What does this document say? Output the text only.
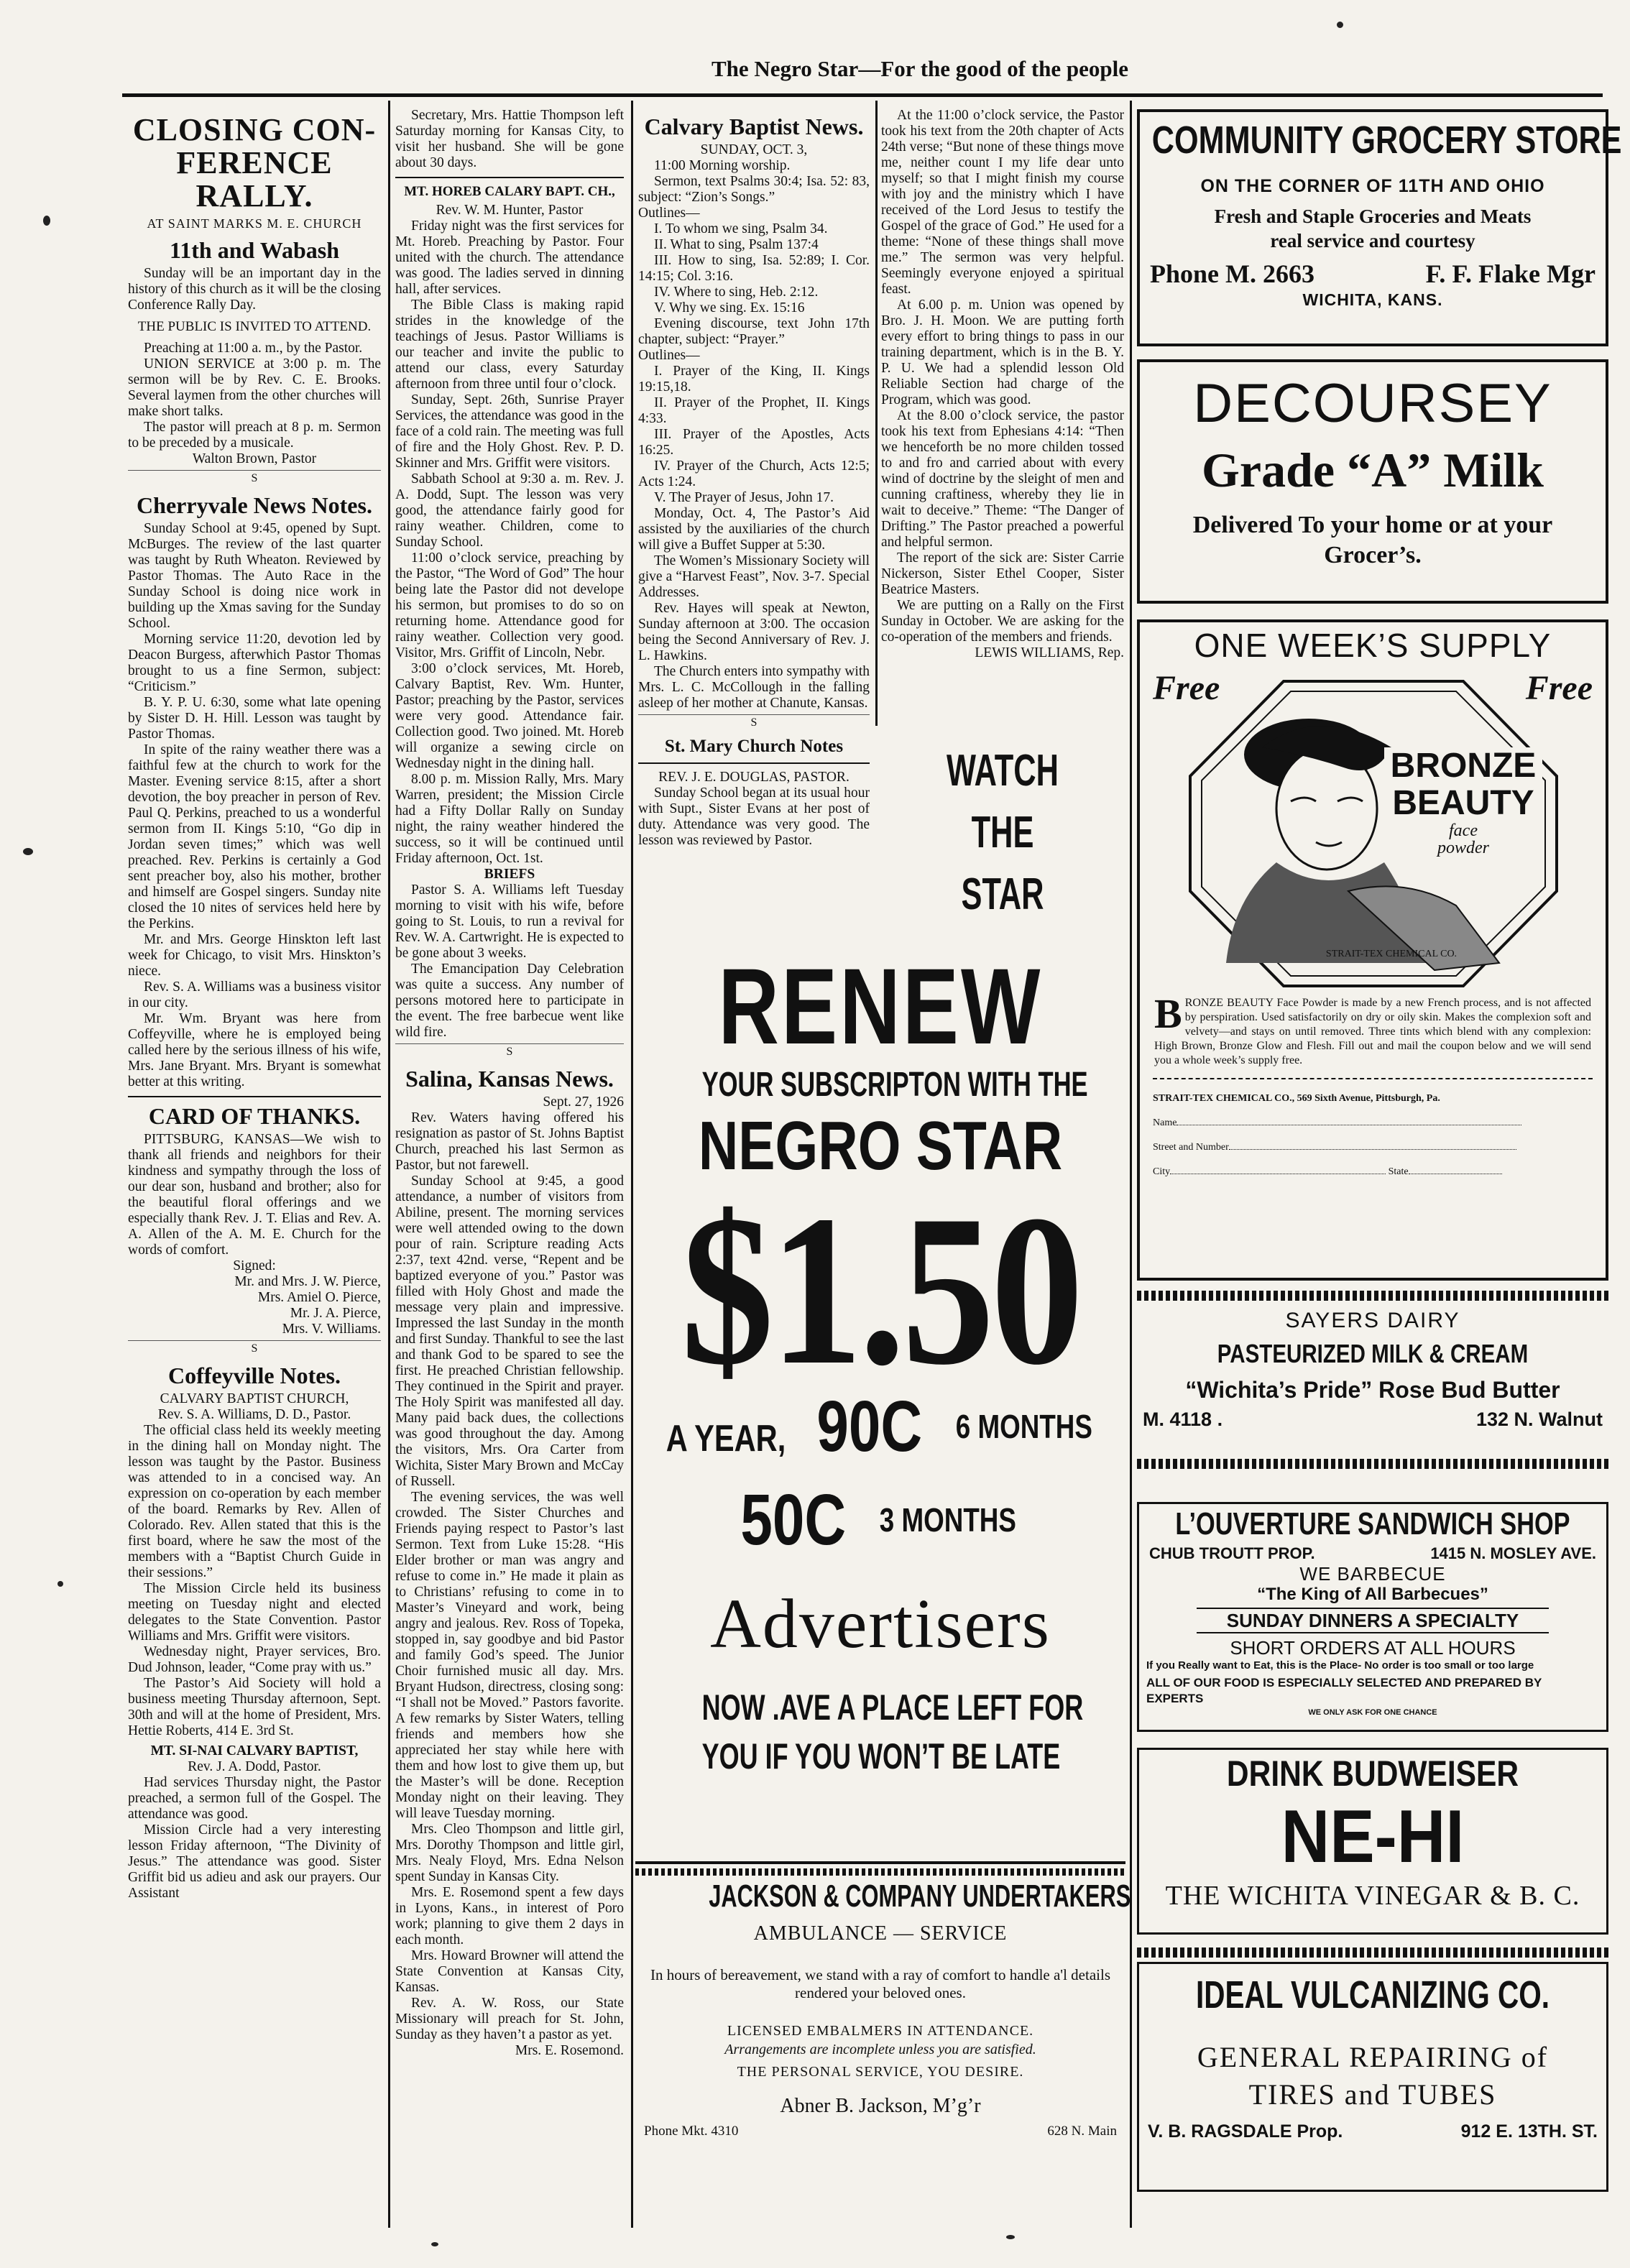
The Negro Star—For the good of the people
CLOSING CON-
FERENCE RALLY.
AT SAINT MARKS M. E. CHURCH
11th and Wabash

Sunday will be an important day in the history of this church as it will be the closing Conference Rally Day.

THE PUBLIC IS INVITED TO ATTEND.

Preaching at 11:00 a. m., by the Pastor.

UNION SERVICE at 3:00 p. m. The sermon will be by Rev. C. E. Brooks. Several laymen from the other churches will make short talks.

The pastor will preach at 8 p. m. Sermon to be preceded by a musicale.

Walton Brown, Pastor

S
Cherryvale News Notes.

Sunday School at 9:45, opened by Supt. McBurges. The review of the last quarter was taught by Ruth Wheaton. Reviewed by Pastor Thomas. The Auto Race in the Sunday School is doing nice work in building up the Xmas saving for the Sunday School.

Morning service 11:20, devotion led by Deacon Burgess, afterwhich Pastor Thomas brought to us a fine Sermon, subject: “Criticism.”

B. Y. P. U. 6:30, some what late opening by Sister D. H. Hill. Lesson was taught by Pastor Thomas.

In spite of the rainy weather there was a faithful few at the church to work for the Master. Evening service 8:15, after a short devotion, the boy preacher in person of Rev. Paul Q. Perkins, preached to us a wonderful sermon from II. Kings 5:10, “Go dip in Jordan seven times;” which was well preached. Rev. Perkins is certainly a God sent preacher boy, also his mother, brother and himself are Gospel singers. Sunday nite closed the 10 nites of services held here by the Perkins.

Mr. and Mrs. George Hinskton left last week for Chicago, to visit Mrs. Hinskton’s niece.

Rev. S. A. Williams was a business visitor in our city.

Mr. Wm. Bryant was here from Coffeyville, where he is employed being called here by the serious illness of his wife, Mrs. Jane Bryant. Mrs. Bryant is somewhat better at this writing.

CARD OF THANKS.

PITTSBURG, KANSAS—We wish to thank all friends and neighbors for their kindness and sympathy through the loss of our dear son, husband and brother; also for the beautiful floral offerings and we especially thank Rev. J. T. Elias and Rev. A. A. Allen of the A. M. E. Church for the words of comfort.

Signed:

Mr. and Mrs. J. W. Pierce,

Mrs. Amiel O. Pierce,

Mr. J. A. Pierce,

Mrs. V. Williams.

S
Coffeyville Notes.

CALVARY BAPTIST CHURCH,

Rev. S. A. Williams, D. D., Pastor.

The official class held its weekly meeting in the dining hall on Monday night. The lesson was taught by the Pastor. Business was attended to in a concised way. An expression on co-operation by each member of the board. Remarks by Rev. Allen of Colorado. Rev. Allen stated that this is the first board, where he saw the most of the members with a “Baptist Church Guide in their sessions.”

The Mission Circle held its business meeting on Tuesday night and elected delegates to the State Convention. Pastor Williams and Mrs. Griffit were visitors.

Wednesday night, Prayer services, Bro. Dud Johnson, leader, “Come pray with us.”

The Pastor’s Aid Society will hold a business meeting Thursday afternoon, Sept. 30th and will at the home of President, Mrs. Hettie Roberts, 414 E. 3rd St.

MT. SI-NAI CALVARY BAPTIST,

Rev. J. A. Dodd, Pastor.

Had services Thursday night, the Pastor preached, a sermon full of the Gospel. The attendance was good.

Mission Circle had a very interesting lesson Friday afternoon, “The Divinity of Jesus.” The attendance was good. Sister Griffit bid us adieu and ask our prayers. Our Assistant

Secretary, Mrs. Hattie Thompson left Saturday morning for Kansas City, to visit her husband. She will be gone about 30 days.

MT. HOREB CALARY BAPT. CH.,

Rev. W. M. Hunter, Pastor

Friday night was the first services for Mt. Horeb. Preaching by Pastor. Four united with the church. The attendance was good. The ladies served in dinning hall, after services.

The Bible Class is making rapid strides in the knowledge of the teachings of Jesus. Pastor Williams is our teacher and invite the public to attend our class, every Saturday afternoon from three until four o’clock.

Sunday, Sept. 26th, Sunrise Prayer Services, the attendance was good in the face of a cold rain. The meeting was full of fire and the Holy Ghost. Rev. P. D. Skinner and Mrs. Griffit were visitors.

Sabbath School at 9:30 a. m. Rev. J. A. Dodd, Supt. The lesson was very good, the attendance fairly good for rainy weather. Children, come to Sunday School.

11:00 o’clock service, preaching by the Pastor, “The Word of God” The hour being late the Pastor did not develope his sermon, but promises to do so on returning home. Attendance good for rainy weather. Collection very good. Visitor, Mrs. Griffit of Lincoln, Nebr.

3:00 o’clock services, Mt. Horeb, Calvary Baptist, Rev. Wm. Hunter, Pastor; preaching by the Pastor, services were very good. Attendance fair. Collection good. Two joined. Mt. Horeb will organize a sewing circle on Wednesday night in the dining hall.

8.00 p. m. Mission Rally, Mrs. Mary Warren, president; the Mission Circle had a Fifty Dollar Rally on Sunday night, the rainy weather hindered the success, so it will be continued until Friday afternoon, Oct. 1st.

BRIEFS

Pastor S. A. Williams left Tuesday morning to visit with his wife, before going to St. Louis, to run a revival for Rev. W. A. Cartwright. He is expected to be gone about 3 weeks.

The Emancipation Day Celebration was quite a success. Any number of persons motored here to participate in the event. The free barbecue went like wild fire.

S
Salina, Kansas News.

Sept. 27, 1926

Rev. Waters having offered his resignation as pastor of St. Johns Baptist Church, preached his last Sermon as Pastor, but not farewell.

Sunday School at 9:45, a good attendance, a number of visitors from Abiline, present. The morning services were well attended owing to the down pour of rain. Scripture reading Acts 2:37, text 42nd. verse, “Repent and be baptized everyone of you.” Pastor was filled with Holy Ghost and made the message very plain and impressive. Impressed the last Sunday in the month and first Sunday. Thankful to see the last and thank God to be spared to see the first. He preached Christian fellowship. They continued in the Spirit and prayer. The Holy Spirit was manifested all day. Many paid back dues, the collections was good throughout the day. Among the visitors, Mrs. Ora Carter from Wichita, Sister Mary Brown and McCay of Russell.

The evening services, the was well crowded. The Sister Churches and Friends paying respect to Pastor’s last Sermon. Text from Luke 15:28. “His Elder brother or man was angry and refuse to come in.” He made it plain as to Christians’ refusing to come in to Master’s Vineyard and work, being angry and jealous. Rev. Ross of Topeka, stopped in, say goodbye and bid Pastor and family God’s speed. The Junior Choir furnished music all day. Mrs. Bryant Hudson, directress, closing song: “I shall not be Moved.” Pastors favorite. A few remarks by Sister Waters, telling friends and members how she appreciated her stay while here with them and how lost to give them up, but the Master’s will be done. Reception Monday night on their leaving. They will leave Tuesday morning.

Mrs. Cleo Thompson and little girl, Mrs. Dorothy Thompson and little girl, Mrs. Nealy Floyd, Mrs. Edna Nelson spent Sunday in Kansas City.

Mrs. E. Rosemond spent a few days in Lyons, Kans., in interest of Poro work; planning to give them 2 days in each month.

Mrs. Howard Browner will attend the State Convention at Kansas City, Kansas.

Rev. A. W. Ross, our State Missionary will preach for St. John, Sunday as they haven’t a pastor as yet.

Mrs. E. Rosemond.

Calvary Baptist News.

SUNDAY, OCT. 3,

11:00 Morning worship.

Sermon, text Psalms 30:4; Isa. 52: 83, subject: “Zion’s Songs.”

Outlines—

I. To whom we sing, Psalm 34.

II. What to sing, Psalm 137:4

III. How to sing, Isa. 52:89; I. Cor. 14:15; Col. 3:16.

IV. Where to sing, Heb. 2:12.

V. Why we sing. Ex. 15:16

Evening discourse, text John 17th chapter, subject: “Prayer.”

Outlines—

I. Prayer of the King, II. Kings 19:15,18.

II. Prayer of the Prophet, II. Kings 4:33.

III. Prayer of the Apostles, Acts 16:25.

IV. Prayer of the Church, Acts 12:5; Acts 1:24.

V. The Prayer of Jesus, John 17.

Monday, Oct. 4, The Pastor’s Aid assisted by the auxiliaries of the church will give a Buffet Supper at 5:30.

The Women’s Missionary Society will give a “Harvest Feast”, Nov. 3-7. Special Addresses.

Rev. Hayes will speak at Newton, Sunday afternoon at 3:00. The occasion being the Second Anniversary of Rev. J. L. Hawkins.

The Church enters into sympathy with Mrs. L. C. McCollough in the falling asleep of her mother at Chanute, Kansas.

S
St. Mary Church Notes

REV. J. E. DOUGLAS, PASTOR.

Sunday School began at its usual hour with Supt., Sister Evans at her post of duty. Attendance was very good. The lesson was reviewed by Pastor.

At the 11:00 o’clock service, the Pastor took his text from the 20th chapter of Acts 24th verse; “But none of these things move me, neither count I my life dear unto myself; so that I might finish my course with joy and the ministry which I have received of the Lord Jesus to testify the Gospel of the grace of God.” He used for a theme: “None of these things shall move me.” The sermon was very helpful. Seemingly everyone enjoyed a spiritual feast.

At 6.00 p. m. Union was opened by Bro. J. H. Moon. We are putting forth every effort to bring things to pass in our training department, which is in the B. Y. P. U. We had a splendid lesson Old Reliable Section had charge of the Program, which was good.

At the 8.00 o’clock service, the pastor took his text from Ephesians 4:14: “Then we henceforth be no more childen tossed to and fro and carried about with every wind of doctrine by the sleight of men and cunning craftiness, whereby they lie in wait to deceive.” Theme: “The Danger of Drifting.” The Pastor preached a powerful and helpful sermon.

The report of the sick are: Sister Carrie Nickerson, Sister Ethel Cooper, Sister Beatrice Masters.

We are putting on a Rally on the First Sunday in October. We are asking for the co-operation of the members and friends.

LEWIS WILLIAMS, Rep.

WATCH
THE
STAR
RENEW
YOUR SUBSCRIPTON WITH THE
NEGRO STAR
$1.50
A YEAR, 90C 6 MONTHS
50C 3 MONTHS
Advertisers
NOW .AVE A PLACE LEFT FOR
YOU IF YOU WON’T BE LATE
JACKSON & COMPANY UNDERTAKERS
AMBULANCE — SERVICE
In hours of bereavement, we stand with a ray of comfort to handle a'l details rendered your beloved ones.
LICENSED EMBALMERS IN ATTENDANCE.
Arrangements are incomplete unless you are satisfied.
THE PERSONAL SERVICE, YOU DESIRE.
Abner B. Jackson, M’g’r
Phone Mkt. 4310	628 N. Main
COMMUNITY GROCERY STORE
ON THE CORNER OF 11TH AND OHIO
Fresh and Staple Groceries and Meats
real service and courtesy
Phone M. 2663	F. F. Flake Mgr
WICHITA, KANS.
DECOURSEY
Grade “A” Milk
Delivered To your home or at your Grocer’s.
ONE WEEK’S SUPPLY
Free	Free
BRONZE
BEAUTY
face
powder
STRAIT-TEX CHEMICAL CO.
B RONZE BEAUTY Face Powder is made by a new French process, and is not affected by perspiration. Used satisfactorily on dry or oily skin. Makes the complexion soft and velvety—and stays on until removed. Three tints which blend with any complexion: High Brown, Bronze Glow and Flesh. Fill out and mail the coupon below and we will send you a whole week’s supply free.
STRAIT-TEX CHEMICAL CO., 569 Sixth Avenue, Pittsburgh, Pa.
Name
Street and Number
City	State
SAYERS DAIRY
PASTEURIZED MILK & CREAM
“Wichita’s Pride” Rose Bud Butter
M. 4118 .	132 N. Walnut
L’OUVERTURE SANDWICH SHOP
CHUB TROUTT PROP.	1415 N. MOSLEY AVE.
WE BARBECUE
“The King of All Barbecues”
SUNDAY DINNERS A SPECIALTY
SHORT ORDERS AT ALL HOURS
If you Really want to Eat, this is the Place- No order is too small or too large
ALL OF OUR FOOD IS ESPECIALLY SELECTED AND PREPARED BY EXPERTS
WE ONLY ASK FOR ONE CHANCE
DRINK BUDWEISER
NE-HI
THE WICHITA VINEGAR & B. C.
IDEAL VULCANIZING CO.
GENERAL REPAIRING of
TIRES and TUBES
V. B. RAGSDALE Prop.	912 E. 13TH. ST.
